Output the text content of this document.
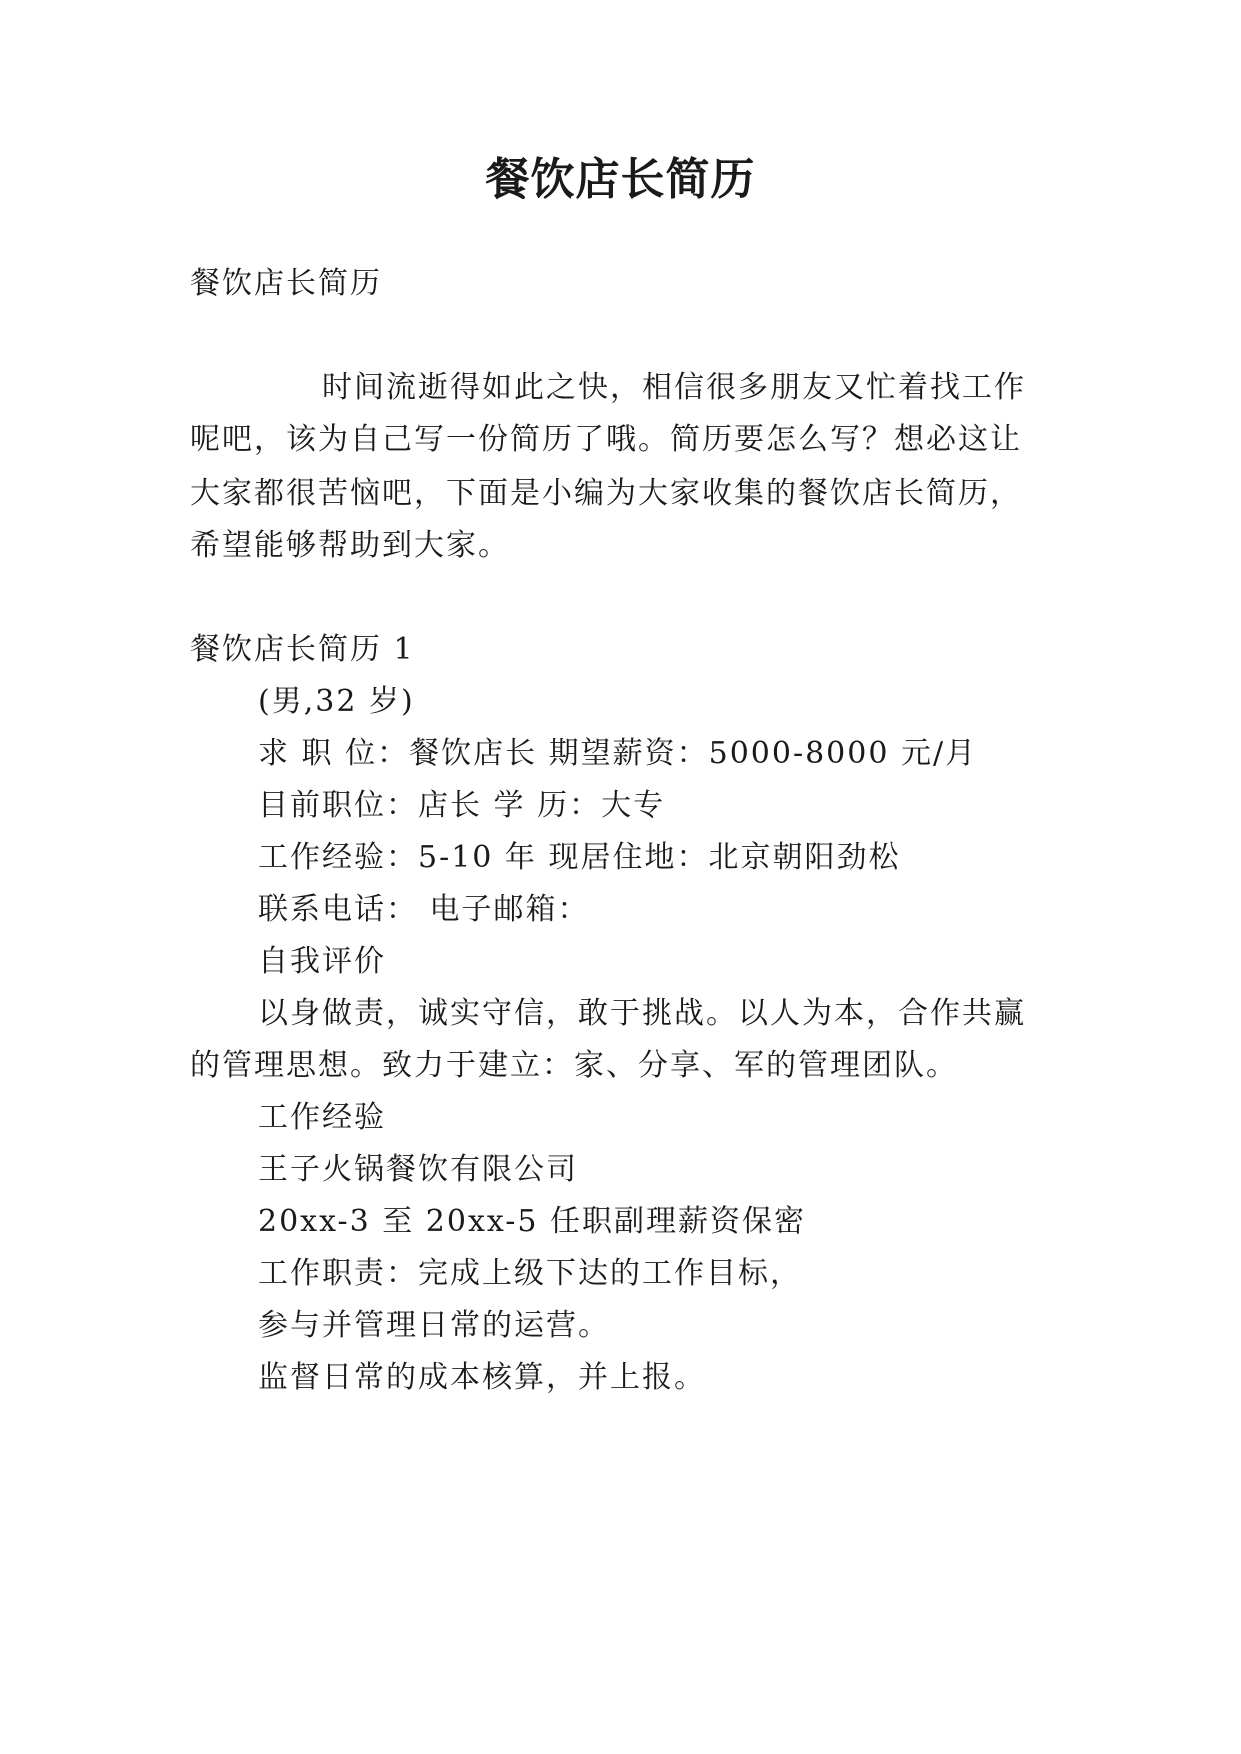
餐饮店长简历
餐饮店长简历
时间流逝得如此之快，相信很多朋友又忙着找工作
呢吧，该为自己写一份简历了哦。简历要怎么写？想必这让
大家都很苦恼吧，下面是小编为大家收集的餐饮店长简历，
希望能够帮助到大家。
餐饮店长简历 1
(男,32 岁)
求 职 位：餐饮店长 期望薪资：5000-8000 元/月
目前职位：店长 学 历：大专
工作经验：5-10 年 现居住地：北京朝阳劲松
联系电话： 电子邮箱：
自我评价
以身做责，诚实守信，敢于挑战。以人为本，合作共赢
的管理思想。致力于建立：家、分享、军的管理团队。
工作经验
王子火锅餐饮有限公司
20xx-3 至 20xx-5 任职副理薪资保密
工作职责：完成上级下达的工作目标，
参与并管理日常的运营。
监督日常的成本核算，并上报。
